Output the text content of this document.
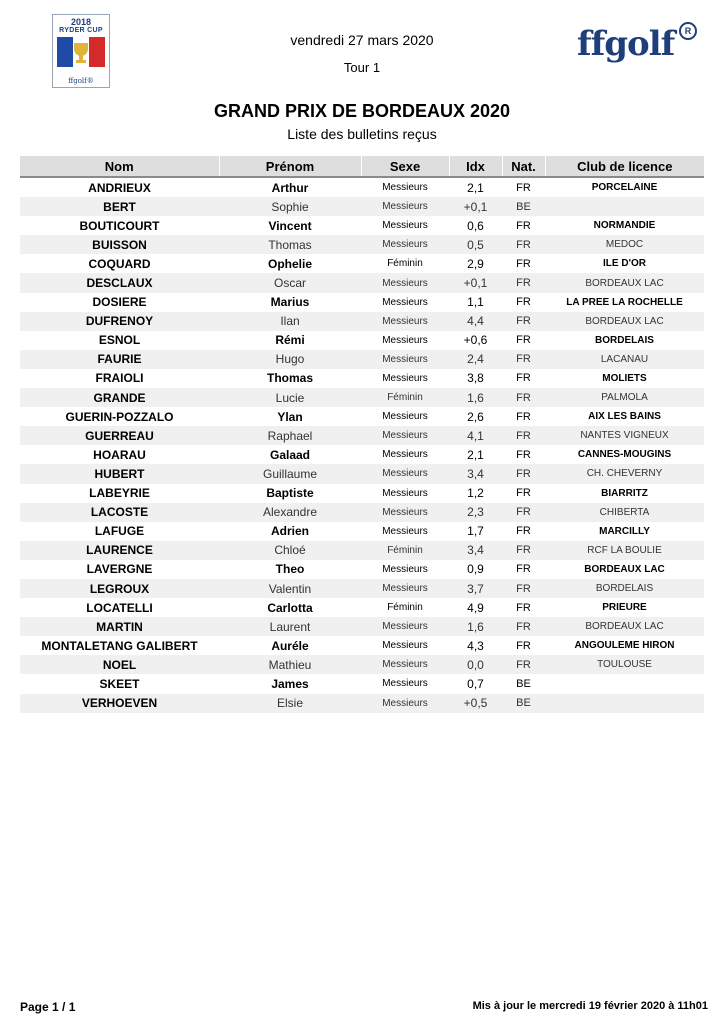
2018
RYDER CUP
ffgolf®
vendredi 27 mars 2020
Tour 1
ffgolf	R
GRAND PRIX DE BORDEAUX 2020
Liste des bulletins reçus
Nom	Prénom	Sexe	Idx	Nat.	Club de licence
ANDRIEUX	Arthur	Messieurs	2,1	FR	PORCELAINE
BERT	Sophie	Messieurs	+0,1	BE	
BOUTICOURT	Vincent	Messieurs	0,6	FR	NORMANDIE
BUISSON	Thomas	Messieurs	0,5	FR	MEDOC
COQUARD	Ophelie	Féminin	2,9	FR	ILE D'OR
DESCLAUX	Oscar	Messieurs	+0,1	FR	BORDEAUX LAC
DOSIERE	Marius	Messieurs	1,1	FR	LA PREE LA ROCHELLE
DUFRENOY	Ilan	Messieurs	4,4	FR	BORDEAUX LAC
ESNOL	Rémi	Messieurs	+0,6	FR	BORDELAIS
FAURIE	Hugo	Messieurs	2,4	FR	LACANAU
FRAIOLI	Thomas	Messieurs	3,8	FR	MOLIETS
GRANDE	Lucie	Féminin	1,6	FR	PALMOLA
GUERIN-POZZALO	Ylan	Messieurs	2,6	FR	AIX LES BAINS
GUERREAU	Raphael	Messieurs	4,1	FR	NANTES VIGNEUX
HOARAU	Galaad	Messieurs	2,1	FR	CANNES-MOUGINS
HUBERT	Guillaume	Messieurs	3,4	FR	CH. CHEVERNY
LABEYRIE	Baptiste	Messieurs	1,2	FR	BIARRITZ
LACOSTE	Alexandre	Messieurs	2,3	FR	CHIBERTA
LAFUGE	Adrien	Messieurs	1,7	FR	MARCILLY
LAURENCE	Chloé	Féminin	3,4	FR	RCF LA BOULIE
LAVERGNE	Theo	Messieurs	0,9	FR	BORDEAUX LAC
LEGROUX	Valentin	Messieurs	3,7	FR	BORDELAIS
LOCATELLI	Carlotta	Féminin	4,9	FR	PRIEURE
MARTIN	Laurent	Messieurs	1,6	FR	BORDEAUX LAC
MONTALETANG GALIBERT	Auréle	Messieurs	4,3	FR	ANGOULEME HIRON
NOEL	Mathieu	Messieurs	0,0	FR	TOULOUSE
SKEET	James	Messieurs	0,7	BE	
VERHOEVEN	Elsie	Messieurs	+0,5	BE	
Page 1 / 1	Mis à jour le mercredi 19 février 2020 à 11h01
